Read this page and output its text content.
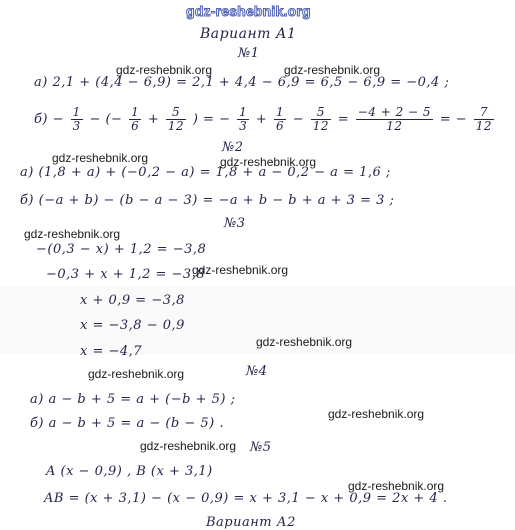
gdz-reshebnik.org
Вариант А1
№1
а) 2,1 + (4,4 − 6,9) = 2,1 + 4,4 − 6,9 = 6,5 − 6,9 = −0,4 ;
$б) - \frac{1}{3}$ − (− $\frac{1}{6} + \frac{5}{12}$ ) = − $\frac{1}{3} + \frac{1}{6} - \frac{5}{12} = \frac{-4 + 2 - 5}{12}$ = − $\frac{7}{12}$
№2
а) (1,8 + а) + (−0,2 − а) = 1,8 + а − 0,2 − а = 1,6 ;
б) (−а + b) − (b − а − 3) = −а + b − b + а + 3 = 3 ;
№3
−(0,3 − x) + 1,2 = −3,8
−0,3 + x + 1,2 = −3,8
x + 0,9 = −3,8
x = −3,8 − 0,9
x = −4,7
№4
а) а − b + 5 = а + (−b + 5) ;
б) а − b + 5 = а − (b − 5) .
№5
A (x − 0,9) , B (x + 3,1)
AB = (x + 3,1) − (x − 0,9) = x + 3,1 − x + 0,9 = 2x + 4 .
Вариант А2
gdz-reshebnik.org	gdz-reshebnik.org
gdz-reshebnik.org	gdz-reshebnik.org
gdz-reshebnik.org
gdz-reshebnik.org
gdz-reshebnik.org
gdz-reshebnik.org
gdz-reshebnik.org
gdz-reshebnik.org
gdz-reshebnik.org
